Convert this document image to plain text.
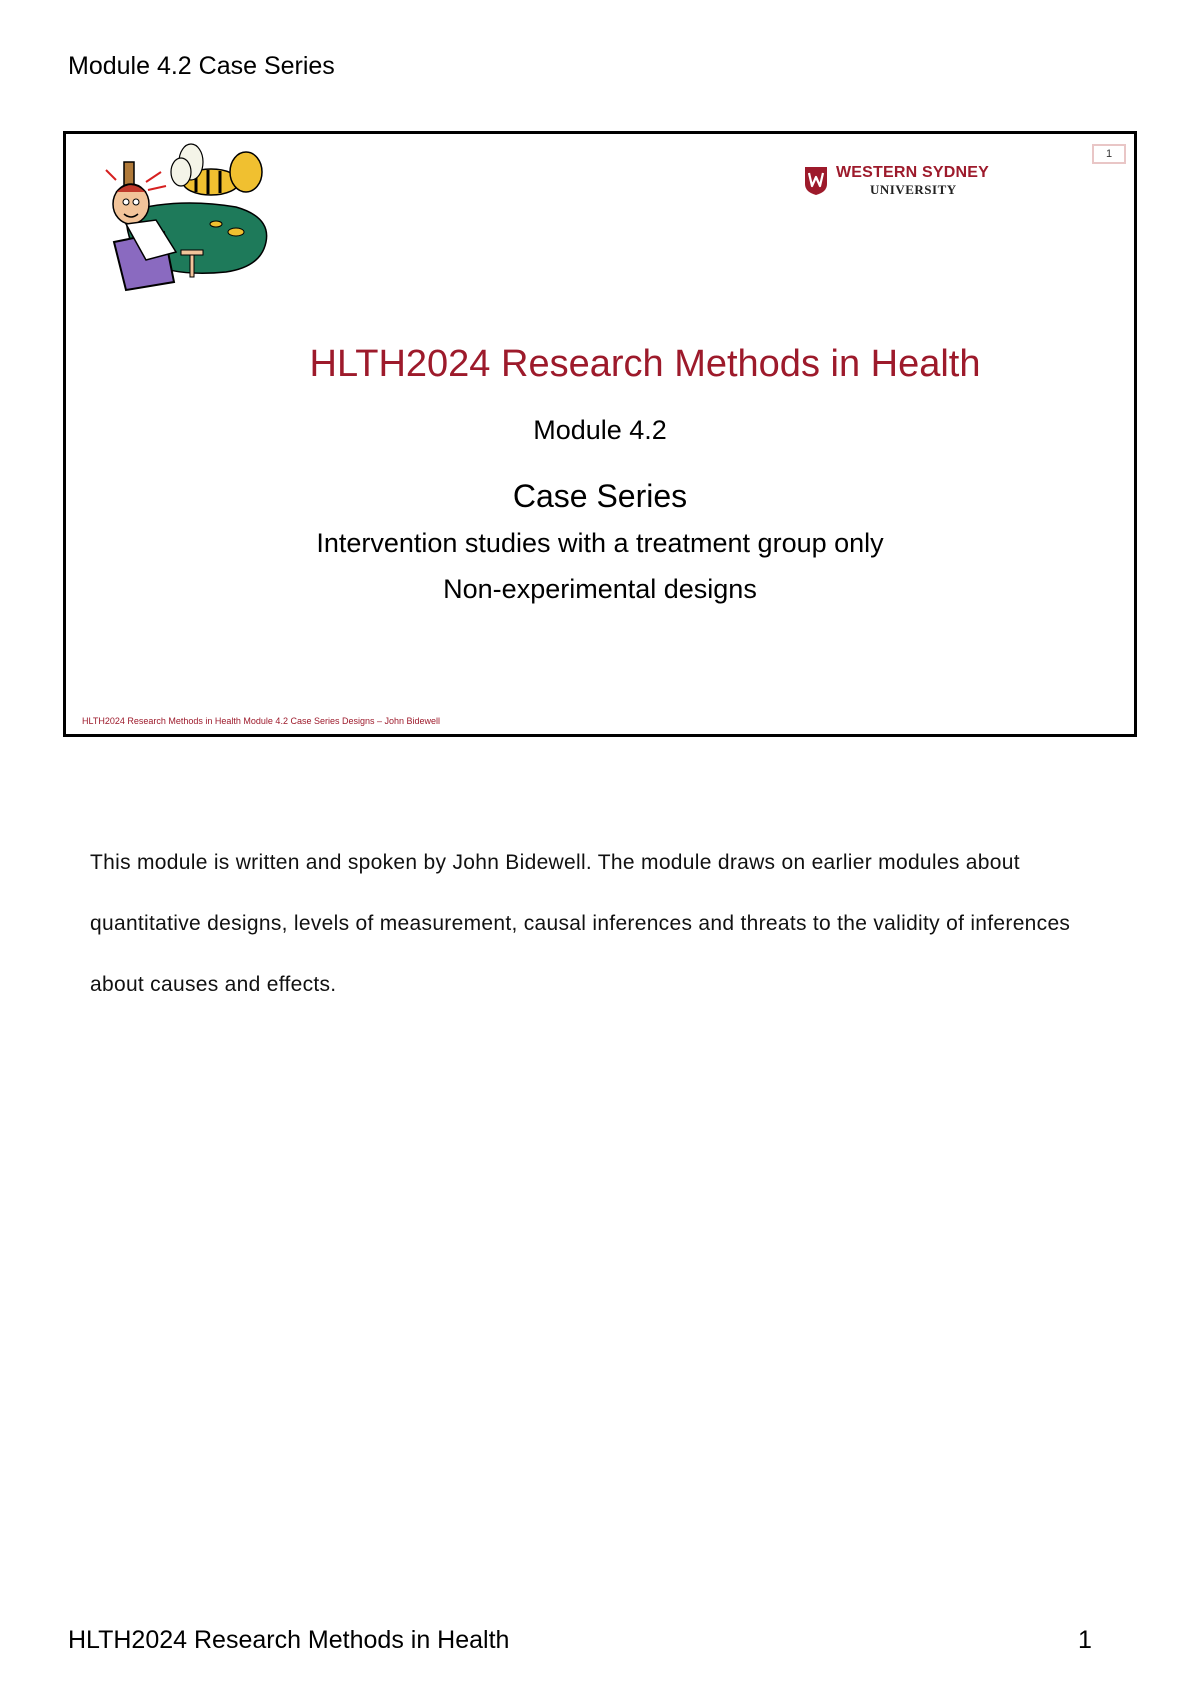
Module 4.2 Case Series
1
WESTERN SYDNEY
UNIVERSITY
HLTH2024 Research Methods in Health
Module 4.2
Case Series
Intervention studies with a treatment group only
Non-experimental designs
HLTH2024 Research Methods in Health Module 4.2 Case Series Designs – John Bidewell
This module is written and spoken by John Bidewell. The module draws on earlier modules about quantitative designs, levels of measurement, causal inferences and threats to the validity of inferences about causes and effects.
HLTH2024 Research Methods in Health	1
